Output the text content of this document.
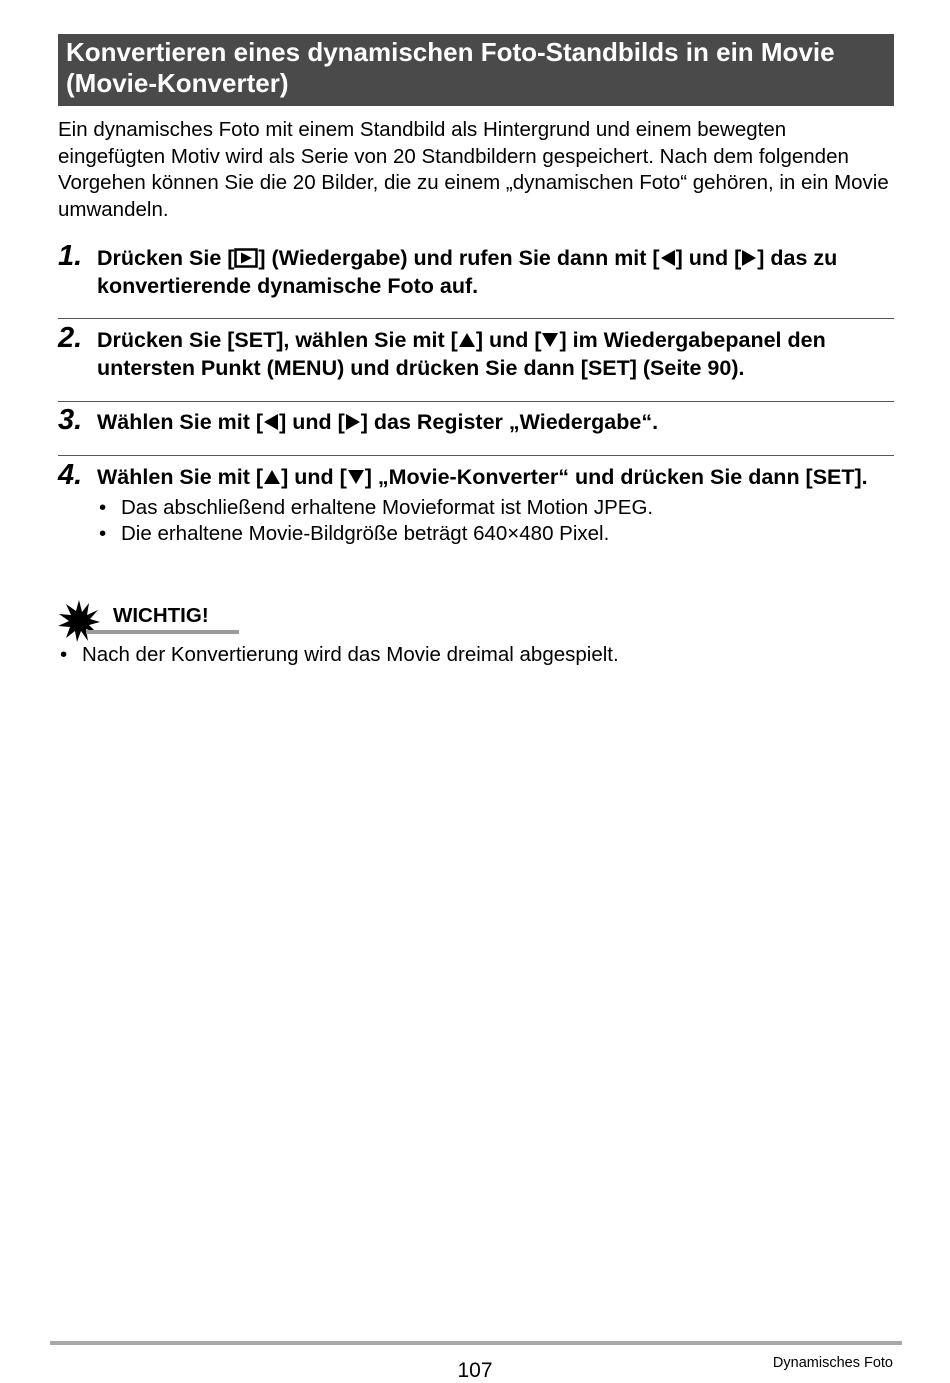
Konvertieren eines dynamischen Foto-Standbilds in ein Movie (Movie-Konverter)

Ein dynamisches Foto mit einem Standbild als Hintergrund und einem bewegten eingefügten Motiv wird als Serie von 20 Standbildern gespeichert. Nach dem folgenden Vorgehen können Sie die 20 Bilder, die zu einem „dynamischen Foto“ gehören, in ein Movie umwandeln.

1. Drücken Sie [ ] (Wiedergabe) und rufen Sie dann mit [ ] und [ ] das zu konvertierende dynamische Foto auf.
2. Drücken Sie [SET], wählen Sie mit [ ] und [ ] im Wiedergabepanel den untersten Punkt (MENU) und drücken Sie dann [SET] (Seite 90).
3. Wählen Sie mit [ ] und [ ] das Register „Wiedergabe“.
4. Wählen Sie mit [ ] und [ ] „Movie-Konverter“ und drücken Sie dann [SET].
• Das abschließend erhaltene Movieformat ist Motion JPEG.
• Die erhaltene Movie-Bildgröße beträgt 640×480 Pixel.
WICHTIG!
• Nach der Konvertierung wird das Movie dreimal abgespielt.
107	Dynamisches Foto
